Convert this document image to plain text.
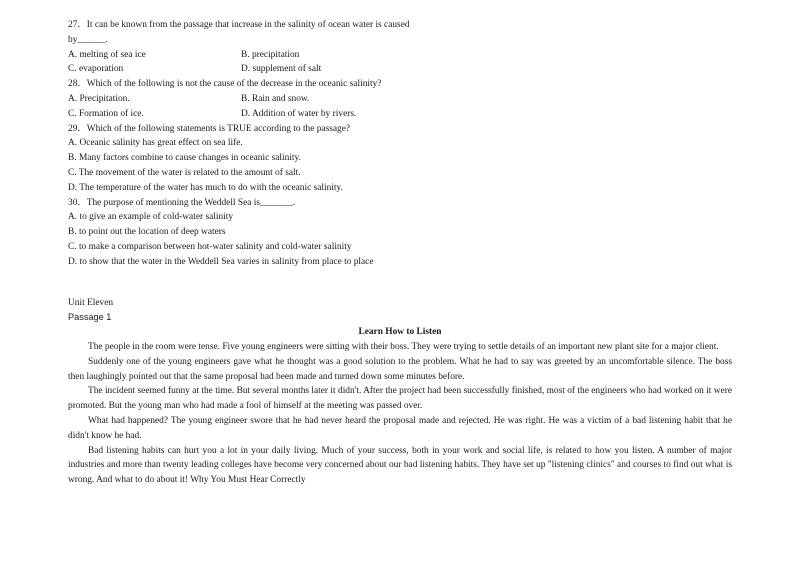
27．It can be known from the passage that increase in the salinity of ocean water is caused
by______.
A. melting of sea ice	B. precipitation
C. evaporation	D. supplement of salt
28．Which of the following is not the cause of the decrease in the oceanic salinity?
A. Precipitation.	B. Rain and snow.
C. Formation of ice.	D. Addition of water by rivers.
29．Which of the following statements is TRUE according to the passage?
A. Oceanic salinity has great effect on sea life.
B. Many factors combine to cause changes in oceanic salinity.
C. The movement of the water is related to the amount of salt.
D. The temperature of the water has much to do with the oceanic salinity.
30．The purpose of mentioning the Weddell Sea is_______.
A. to give an example of cold-water salinity
B. to point out the location of deep waters
C. to make a comparison between hot-water salinity and cold-water salinity
D. to show that the water in the Weddell Sea varies in salinity from place to place
Unit Eleven
Passage 1
Learn How to Listen
The people in the room were tense. Five young engineers were sitting with their boss. They were trying to settle details of an important new plant site for a major client.
Suddenly one of the young engineers gave what he thought was a good solution to the problem. What he had to say was greeted by an uncomfortable silence. The boss then laughingly pointed out that the same proposal had been made and turned down some minutes before.
The incident seemed funny at the time. But several months later it didn't. After the project had been successfully finished, most of the engineers who had worked on it were promoted. But the young man who had made a fool of himself at the meeting was passed over.
What had happened? The young engineer swore that he had never heard the proposal made and rejected. He was right. He was a victim of a bad listening habit that he didn't know he had.
Bad listening habits can hurt you a lot in your daily living. Much of your success, both in your work and social life, is related to how you listen. A number of major industries and more than twenty leading colleges have become very concerned about our bad listening habits. They have set up "listening clinics" and courses to find out what is wrong. And what to do about it! Why You Must Hear Correctly
